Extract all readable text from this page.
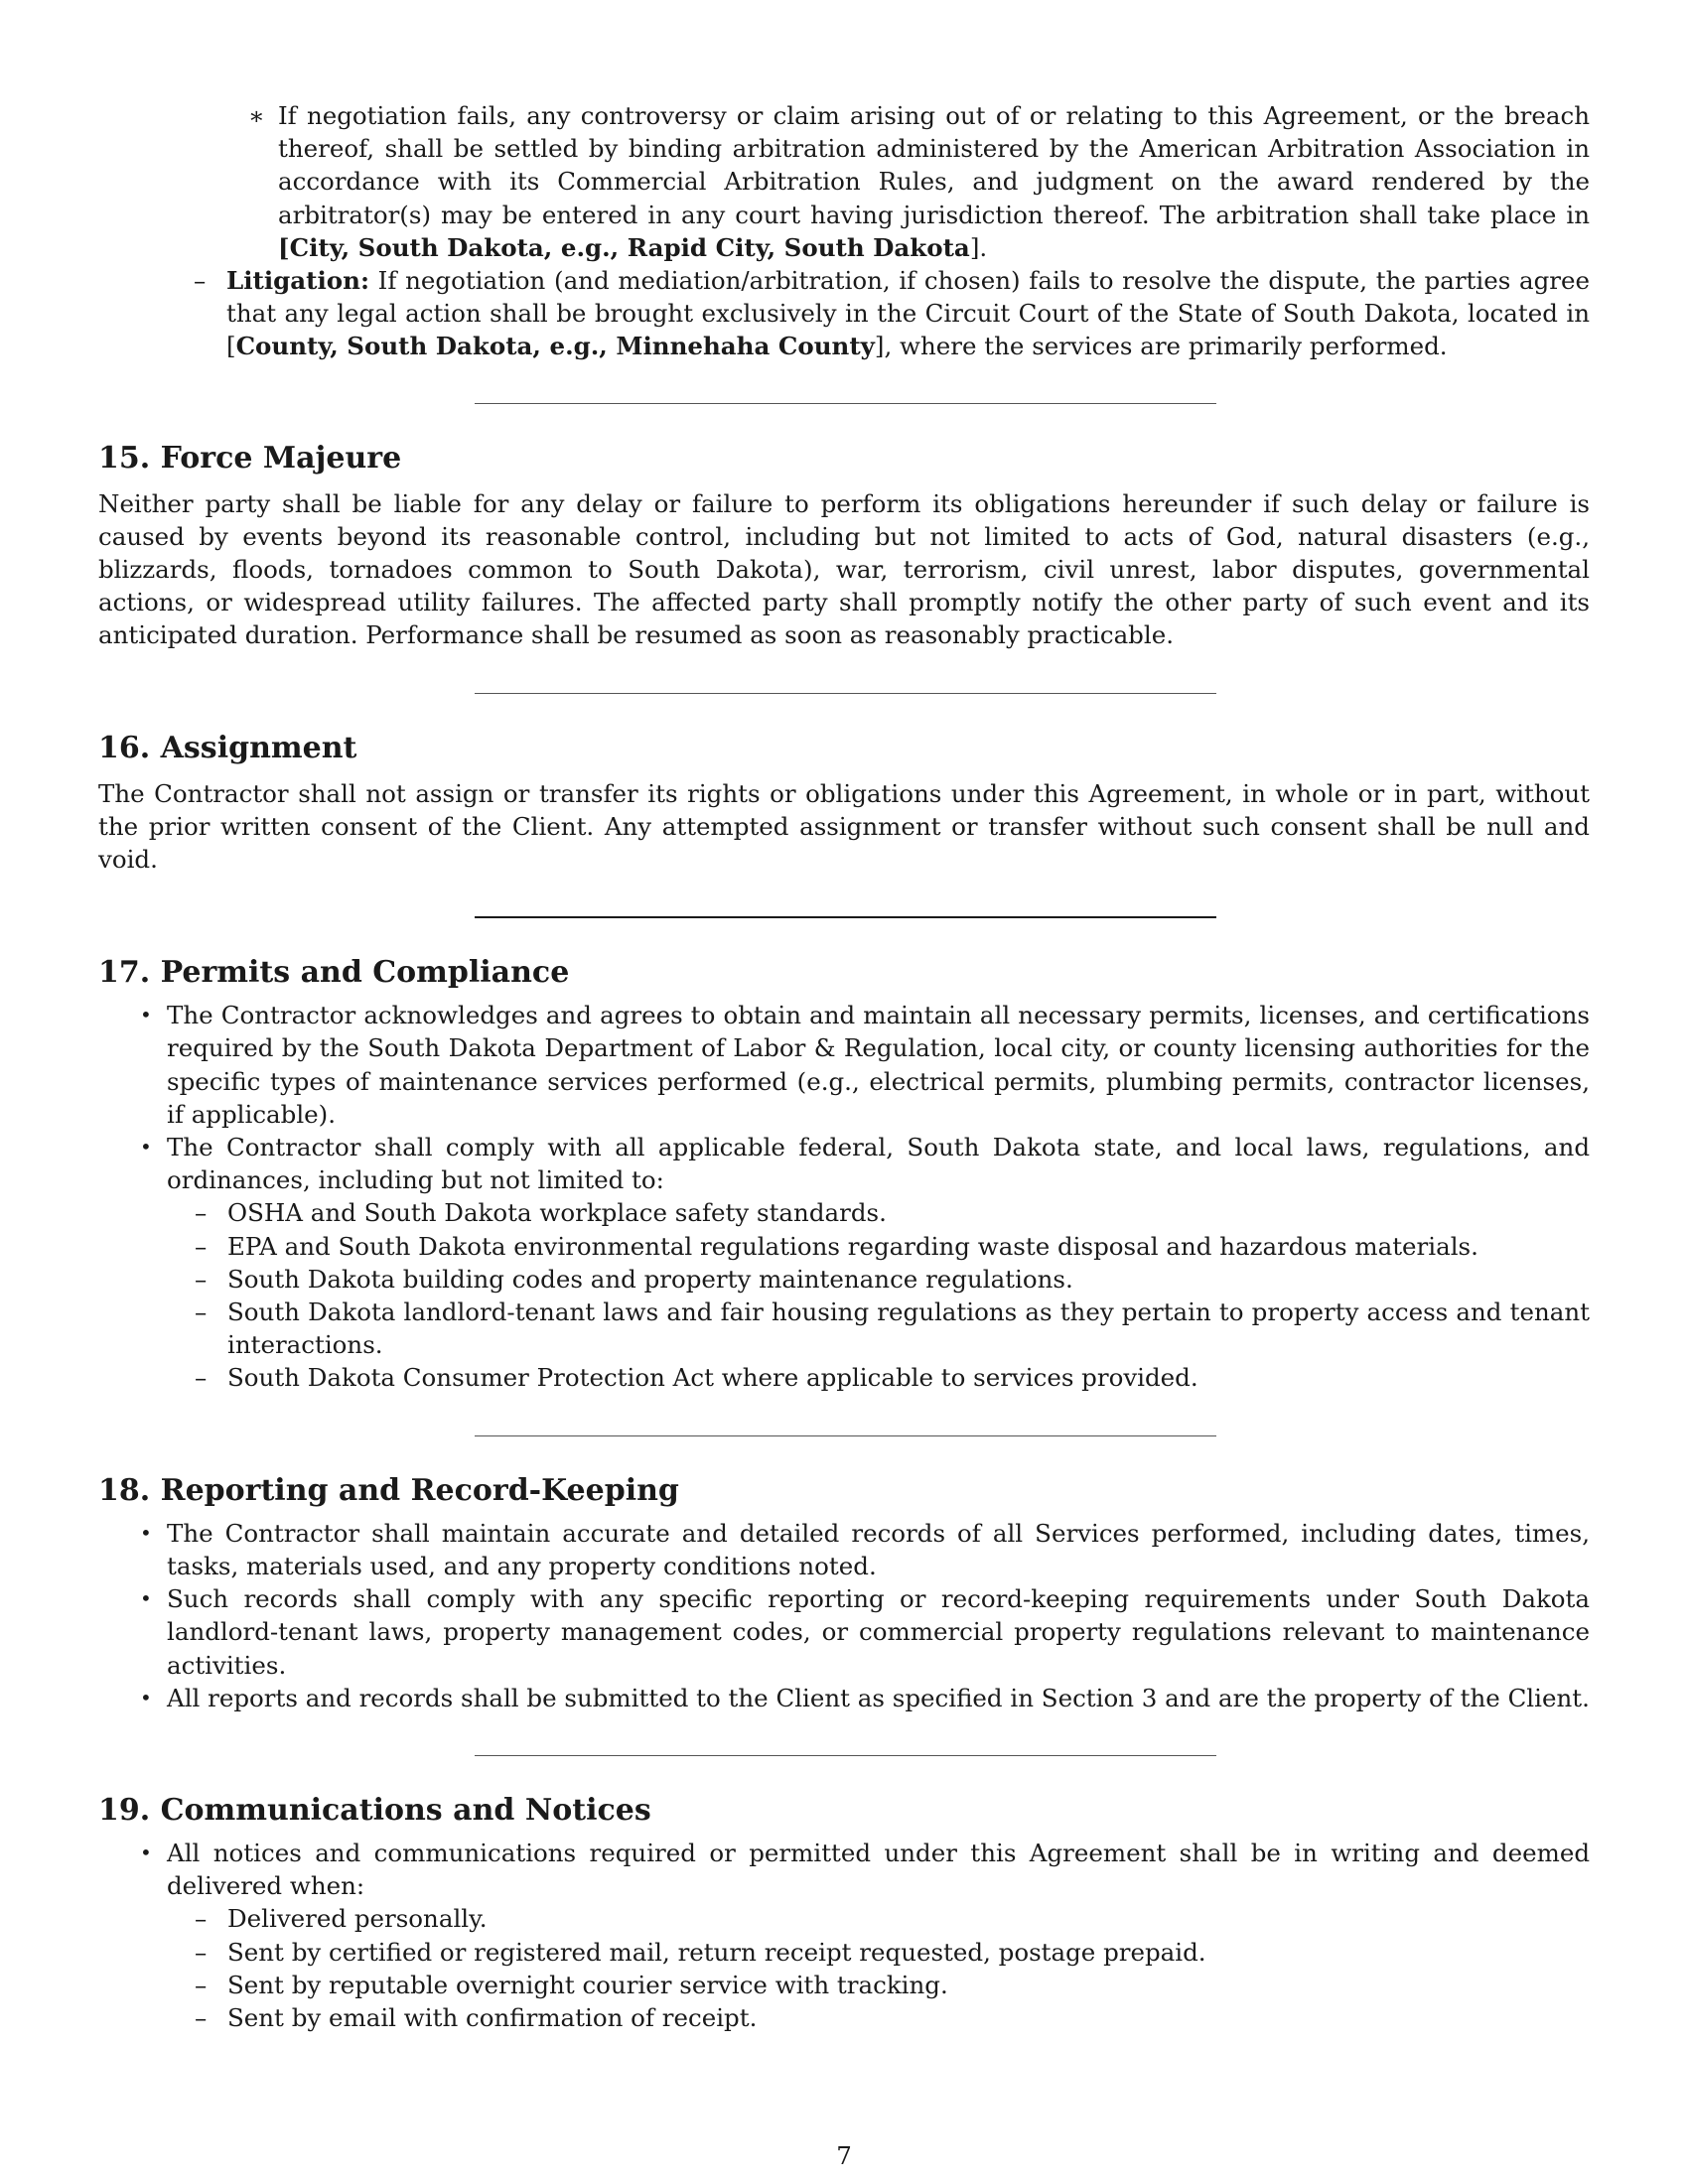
∗ If negotiation fails, any controversy or claim arising out of or relating to this Agreement, or the breach thereof, shall be settled by binding arbitration administered by the American Arbitration Association in accordance with its Commercial Arbitration Rules, and judgment on the award rendered by the arbitrator(s) may be entered in any court having jurisdiction thereof. The arbitration shall take place in [City, South Dakota, e.g., Rapid City, South Dakota].
– Litigation: If negotiation (and mediation/arbitration, if chosen) fails to resolve the dispute, the parties agree that any legal action shall be brought exclusively in the Circuit Court of the State of South Dakota, located in [County, South Dakota, e.g., Minnehaha County], where the services are primarily performed.
15. Force Majeure

Neither party shall be liable for any delay or failure to perform its obligations hereunder if such delay or failure is caused by events beyond its reasonable control, including but not limited to acts of God, natural disasters (e.g., blizzards, floods, tornadoes common to South Dakota), war, terrorism, civil unrest, labor disputes, governmental actions, or widespread utility failures. The affected party shall promptly notify the other party of such event and its anticipated duration. Performance shall be resumed as soon as reasonably practicable.

16. Assignment

The Contractor shall not assign or transfer its rights or obligations under this Agreement, in whole or in part, without the prior written consent of the Client. Any attempted assignment or transfer without such consent shall be null and void.

17. Permits and Compliance
• The Contractor acknowledges and agrees to obtain and maintain all necessary permits, licenses, and certifications required by the South Dakota Department of Labor & Regulation, local city, or county licensing authorities for the specific types of maintenance services performed (e.g., electrical permits, plumbing permits, contractor licenses, if applicable).
• The Contractor shall comply with all applicable federal, South Dakota state, and local laws, regulations, and ordinances, including but not limited to:
– OSHA and South Dakota workplace safety standards.
– EPA and South Dakota environmental regulations regarding waste disposal and hazardous materials.
– South Dakota building codes and property maintenance regulations.
– South Dakota landlord-tenant laws and fair housing regulations as they pertain to property access and tenant interactions.
– South Dakota Consumer Protection Act where applicable to services provided.
18. Reporting and Record-Keeping
• The Contractor shall maintain accurate and detailed records of all Services performed, including dates, times, tasks, materials used, and any property conditions noted.
• Such records shall comply with any specific reporting or record-keeping requirements under South Dakota landlord-tenant laws, property management codes, or commercial property regulations relevant to maintenance activities.
• All reports and records shall be submitted to the Client as specified in Section 3 and are the property of the Client.
19. Communications and Notices
• All notices and communications required or permitted under this Agreement shall be in writing and deemed delivered when:
– Delivered personally.
– Sent by certified or registered mail, return receipt requested, postage prepaid.
– Sent by reputable overnight courier service with tracking.
– Sent by email with confirmation of receipt.
7
